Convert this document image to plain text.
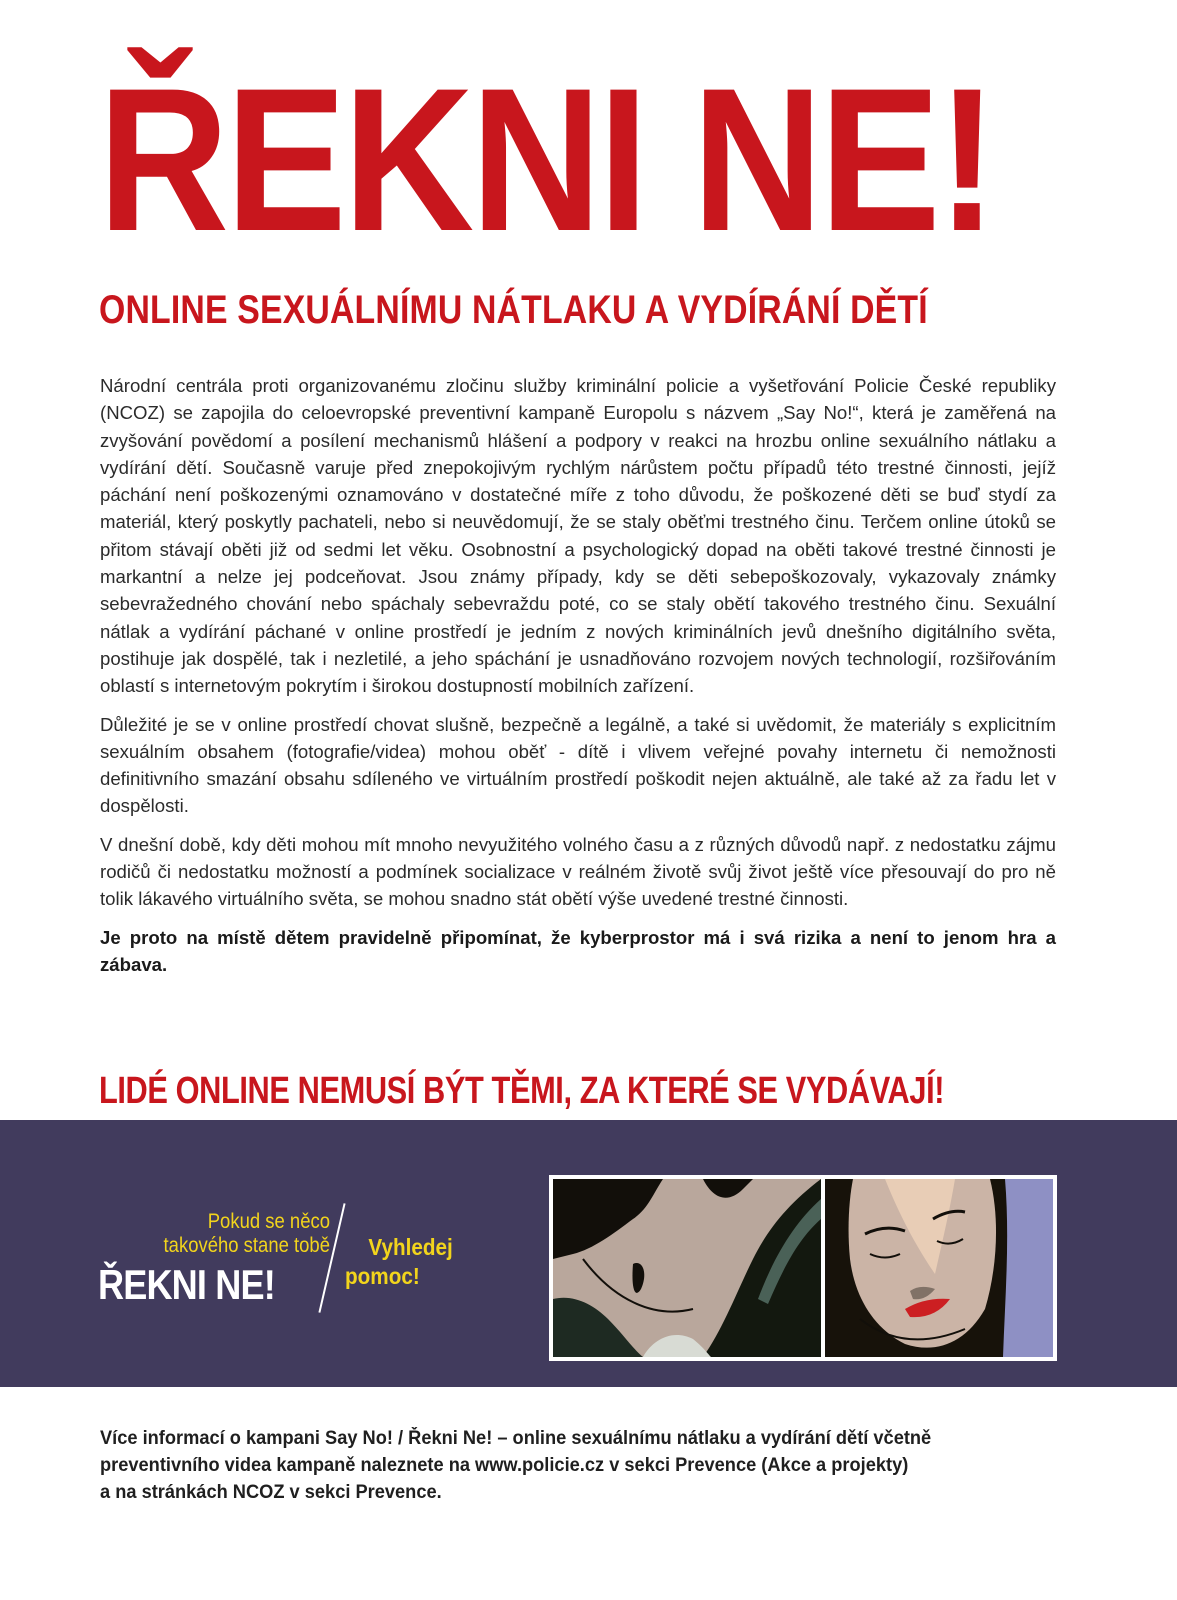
ŘEKNI NE!
ONLINE SEXUÁLNÍMU NÁTLAKU A VYDÍRÁNÍ DĚTÍ

Národní centrála proti organizovanému zločinu služby kriminální policie a vyšetřování Policie České republiky (NCOZ) se zapojila do celoevropské preventivní kampaně Europolu s názvem „Say No!“, která je zaměřená na zvyšování povědomí a posílení mechanismů hlášení a podpory v reakci na hrozbu online sexuálního nátlaku a vydírání dětí. Současně varuje před znepokojivým rychlým nárůstem počtu případů této trestné činnosti, jejíž páchání není poškozenými oznamováno v dostatečné míře z toho důvodu, že poškozené děti se buď stydí za materiál, který poskytly pachateli, nebo si neuvědomují, že se staly oběťmi trestného činu. Terčem online útoků se přitom stávají oběti již od sedmi let věku. Osobnostní a psychologický dopad na oběti takové trestné činnosti je markantní a nelze jej podceňovat. Jsou známy případy, kdy se děti sebepoškozovaly, vykazovaly známky sebevražedného chování nebo spáchaly sebevraždu poté, co se staly obětí takového trestného činu. Sexuální nátlak a vydírání páchané v online prostředí je jedním z nových kriminálních jevů dnešního digitálního světa, postihuje jak dospělé, tak i nezletilé, a jeho spáchání je usnadňováno rozvojem nových technologií, rozšiřováním oblastí s internetovým pokrytím i širokou dostupností mobilních zařízení.

Důležité je se v online prostředí chovat slušně, bezpečně a legálně, a také si uvědomit, že materiály s explicitním sexuálním obsahem (fotografie/videa) mohou oběť - dítě i vlivem veřejné povahy internetu či nemožnosti definitivního smazání obsahu sdíleného ve virtuálním prostředí poškodit nejen aktuálně, ale také až za řadu let v dospělosti.

V dnešní době, kdy děti mohou mít mnoho nevyužitého volného času a z různých důvodů např. z nedostatku zájmu rodičů či nedostatku možností a podmínek socializace v reálném životě svůj život ještě více přesouvají do pro ně tolik lákavého virtuálního světa, se mohou snadno stát obětí výše uvedené trestné činnosti.

Je proto na místě dětem pravidelně připomínat, že kyberprostor má i svá rizika a není to jenom hra a zábava.

LIDÉ ONLINE NEMUSÍ BÝT TĚMI, ZA KTERÉ SE VYDÁVAJÍ!
Pokud se něco
takového stane tobě
ŘEKNI NE!
Vyhledej
pomoc!
Více informací o kampani Say No! / Řekni Ne! – online sexuálnímu nátlaku a vydírání dětí včetně
preventivního videa kampaně naleznete na www.policie.cz v sekci Prevence (Akce a projekty)
a na stránkách NCOZ v sekci Prevence.
